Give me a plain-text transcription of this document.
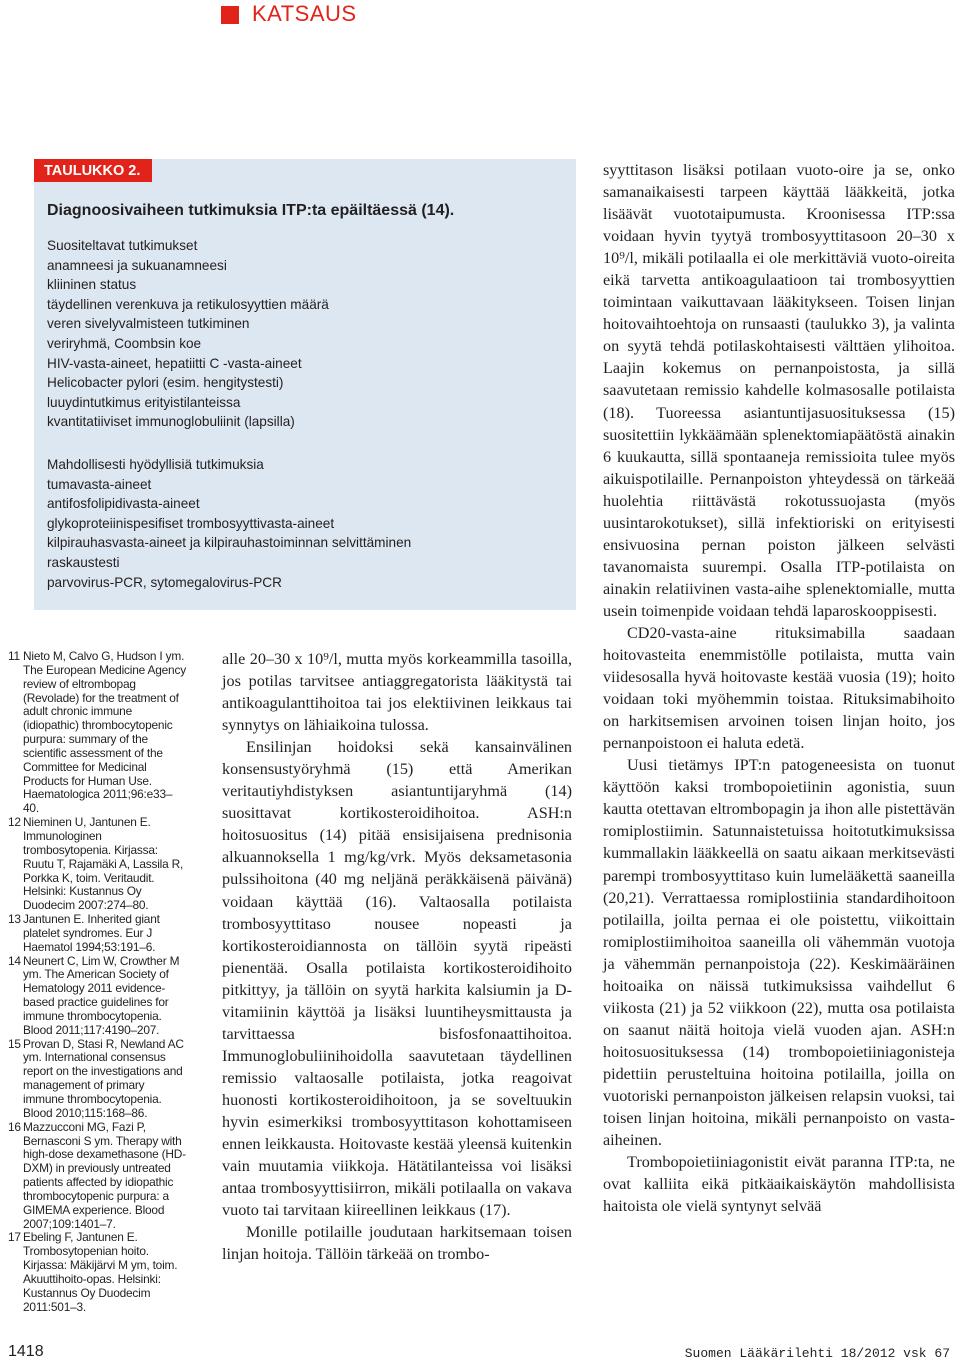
KATSAUS
TAULUKKO 2.
Diagnoosivaiheen tutkimuksia ITP:ta epäiltäessä (14).
Suositeltavat tutkimukset
anamneesi ja sukuanamneesi
kliininen status
täydellinen verenkuva ja retikulosyyttien määrä
veren sivelyvalmisteen tutkiminen
veriryhmä, Coombsin koe
HIV-vasta-aineet, hepatiitti C -vasta-aineet
Helicobacter pylori (esim. hengitystesti)
luuydintutkimus erityistilanteissa
kvantitatiiviset immunoglobuliinit (lapsilla)
Mahdollisesti hyödyllisiä tutkimuksia
tumavasta-aineet
antifosfolipidivasta-aineet
glykoproteiinispesifiset trombosyyttivasta-aineet
kilpirauhasvasta-aineet ja kilpirauhastoiminnan selvittäminen
raskaustesti
parvovirus-PCR, sytomegalovirus-PCR
11 Nieto M, Calvo G, Hudson I ym. The European Medicine Agency review of eltrombopag (Revolade) for the treatment of adult chronic immune (idiopathic) thrombocytopenic purpura: summary of the scientific assessment of the Committee for Medicinal Products for Human Use. Haematologica 2011;96:e33–40.
12 Nieminen U, Jantunen E. Immunologinen trombosytopenia. Kirjassa: Ruutu T, Rajamäki A, Lassila R, Porkka K, toim. Veritaudit. Helsinki: Kustannus Oy Duodecim 2007:274–80.
13 Jantunen E. Inherited giant platelet syndromes. Eur J Haematol 1994;53:191–6.
14 Neunert C, Lim W, Crowther M ym. The American Society of Hematology 2011 evidence-based practice guidelines for immune thrombocytopenia. Blood 2011;117:4190–207.
15 Provan D, Stasi R, Newland AC ym. International consensus report on the investigations and management of primary immune thrombocytopenia. Blood 2010;115:168–86.
16 Mazzucconi MG, Fazi P, Bernasconi S ym. Therapy with high-dose dexamethasone (HD-DXM) in previously untreated patients affected by idiopathic thrombocytopenic purpura: a GIMEMA experience. Blood 2007;109:1401–7.
17 Ebeling F, Jantunen E. Trombosytopenian hoito. Kirjassa: Mäkijärvi M ym, toim. Akuuttihoito-opas. Helsinki: Kustannus Oy Duodecim 2011:501–3.

alle 20–30 x 10⁹/l, mutta myös korkeammilla tasoilla, jos potilas tarvitsee antiaggregatorista lääkitystä tai antikoagulanttihoitoa tai jos elektiivinen leikkaus tai synnytys on lähiaikoina tulossa.

Ensilinjan hoidoksi sekä kansainvälinen konsensustyöryhmä (15) että Amerikan veritautiyhdistyksen asiantuntijaryhmä (14) suosittavat kortikosteroidihoitoa. ASH:n hoitosuositus (14) pitää ensisijaisena prednisonia alkuannoksella 1 mg/kg/vrk. Myös deksametasonia pulssihoitona (40 mg neljänä peräkkäisenä päivänä) voidaan käyttää (16). Valtaosalla potilaista trombosyyttitaso nousee nopeasti ja kortikosteroidiannosta on tällöin syytä ripeästi pienentää. Osalla potilaista kortikosteroidihoito pitkittyy, ja tällöin on syytä harkita kalsiumin ja D-vitamiinin käyttöä ja lisäksi luuntiheysmittausta ja tarvittaessa bisfosfonaattihoitoa. Immunoglobuliinihoidolla saavutetaan täydellinen remissio valtaosalle potilaista, jotka reagoivat huonosti kortikosteroidihoitoon, ja se soveltuukin hyvin esimerkiksi trombosyyttitason kohottamiseen ennen leikkausta. Hoitovaste kestää yleensä kuitenkin vain muutamia viikkoja. Hätätilanteissa voi lisäksi antaa trombosyyttisiirron, mikäli potilaalla on vakava vuoto tai tarvitaan kiireellinen leikkaus (17).

Monille potilaille joudutaan harkitsemaan toisen linjan hoitoja. Tällöin tärkeää on trombo-

syyttitason lisäksi potilaan vuoto-oire ja se, onko samanaikaisesti tarpeen käyttää lääkkeitä, jotka lisäävät vuototaipumusta. Kroonisessa ITP:ssa voidaan hyvin tyytyä trombosyyttitasoon 20–30 x 10⁹/l, mikäli potilaalla ei ole merkittäviä vuoto-oireita eikä tarvetta antikoagulaatioon tai trombosyyttien toimintaan vaikuttavaan lääkitykseen. Toisen linjan hoitovaihtoehtoja on runsaasti (taulukko 3), ja valinta on syytä tehdä potilaskohtaisesti välttäen ylihoitoa. Laajin kokemus on pernanpoistosta, ja sillä saavutetaan remissio kahdelle kolmasosalle potilaista (18). Tuoreessa asiantuntijasuosituksessa (15) suositettiin lykkäämään splenektomiapäätöstä ainakin 6 kuukautta, sillä spontaaneja remissioita tulee myös aikuispotilaille. Pernanpoiston yhteydessä on tärkeää huolehtia riittävästä rokotussuojasta (myös uusintarokotukset), sillä infektioriski on erityisesti ensivuosina pernan poiston jälkeen selvästi tavanomaista suurempi. Osalla ITP-potilaista on ainakin relatiivinen vasta-aihe splenektomialle, mutta usein toimenpide voidaan tehdä laparoskooppisesti.

CD20-vasta-aine rituksimabilla saadaan hoitovasteita enemmistölle potilaista, mutta vain viidesosalla hyvä hoitovaste kestää vuosia (19); hoito voidaan toki myöhemmin toistaa. Rituksimabihoito on harkitsemisen arvoinen toisen linjan hoito, jos pernanpoistoon ei haluta edetä.

Uusi tietämys IPT:n patogeneesista on tuonut käyttöön kaksi trombopoietiinin agonistia, suun kautta otettavan eltrombopagin ja ihon alle pistettävän romiplostiimin. Satunnaistetuissa hoitotutkimuksissa kummallakin lääkkeellä on saatu aikaan merkitsevästi parempi trombosyyttitaso kuin lumelääkettä saaneilla (20,21). Verrattaessa romiplostiinia standardihoitoon potilailla, joilta pernaa ei ole poistettu, viikoittain romiplostiimihoitoa saaneilla oli vähemmän vuotoja ja vähemmän pernanpoistoja (22). Keskimääräinen hoitoaika on näissä tutkimuksissa vaihdellut 6 viikosta (21) ja 52 viikkoon (22), mutta osa potilaista on saanut näitä hoitoja vielä vuoden ajan. ASH:n hoitosuosituksessa (14) trombopoietiiniagonisteja pidettiin perusteltuina hoitoina potilailla, joilla on vuotoriski pernanpoiston jälkeisen relapsin vuoksi, tai toisen linjan hoitoina, mikäli pernanpoisto on vasta-aiheinen.

Trombopoietiiniagonistit eivät paranna ITP:ta, ne ovat kalliita eikä pitkäaikaiskäytön mahdollisista haitoista ole vielä syntynyt selvää

1418	Suomen Lääkärilehti 18/2012 vsk 67
